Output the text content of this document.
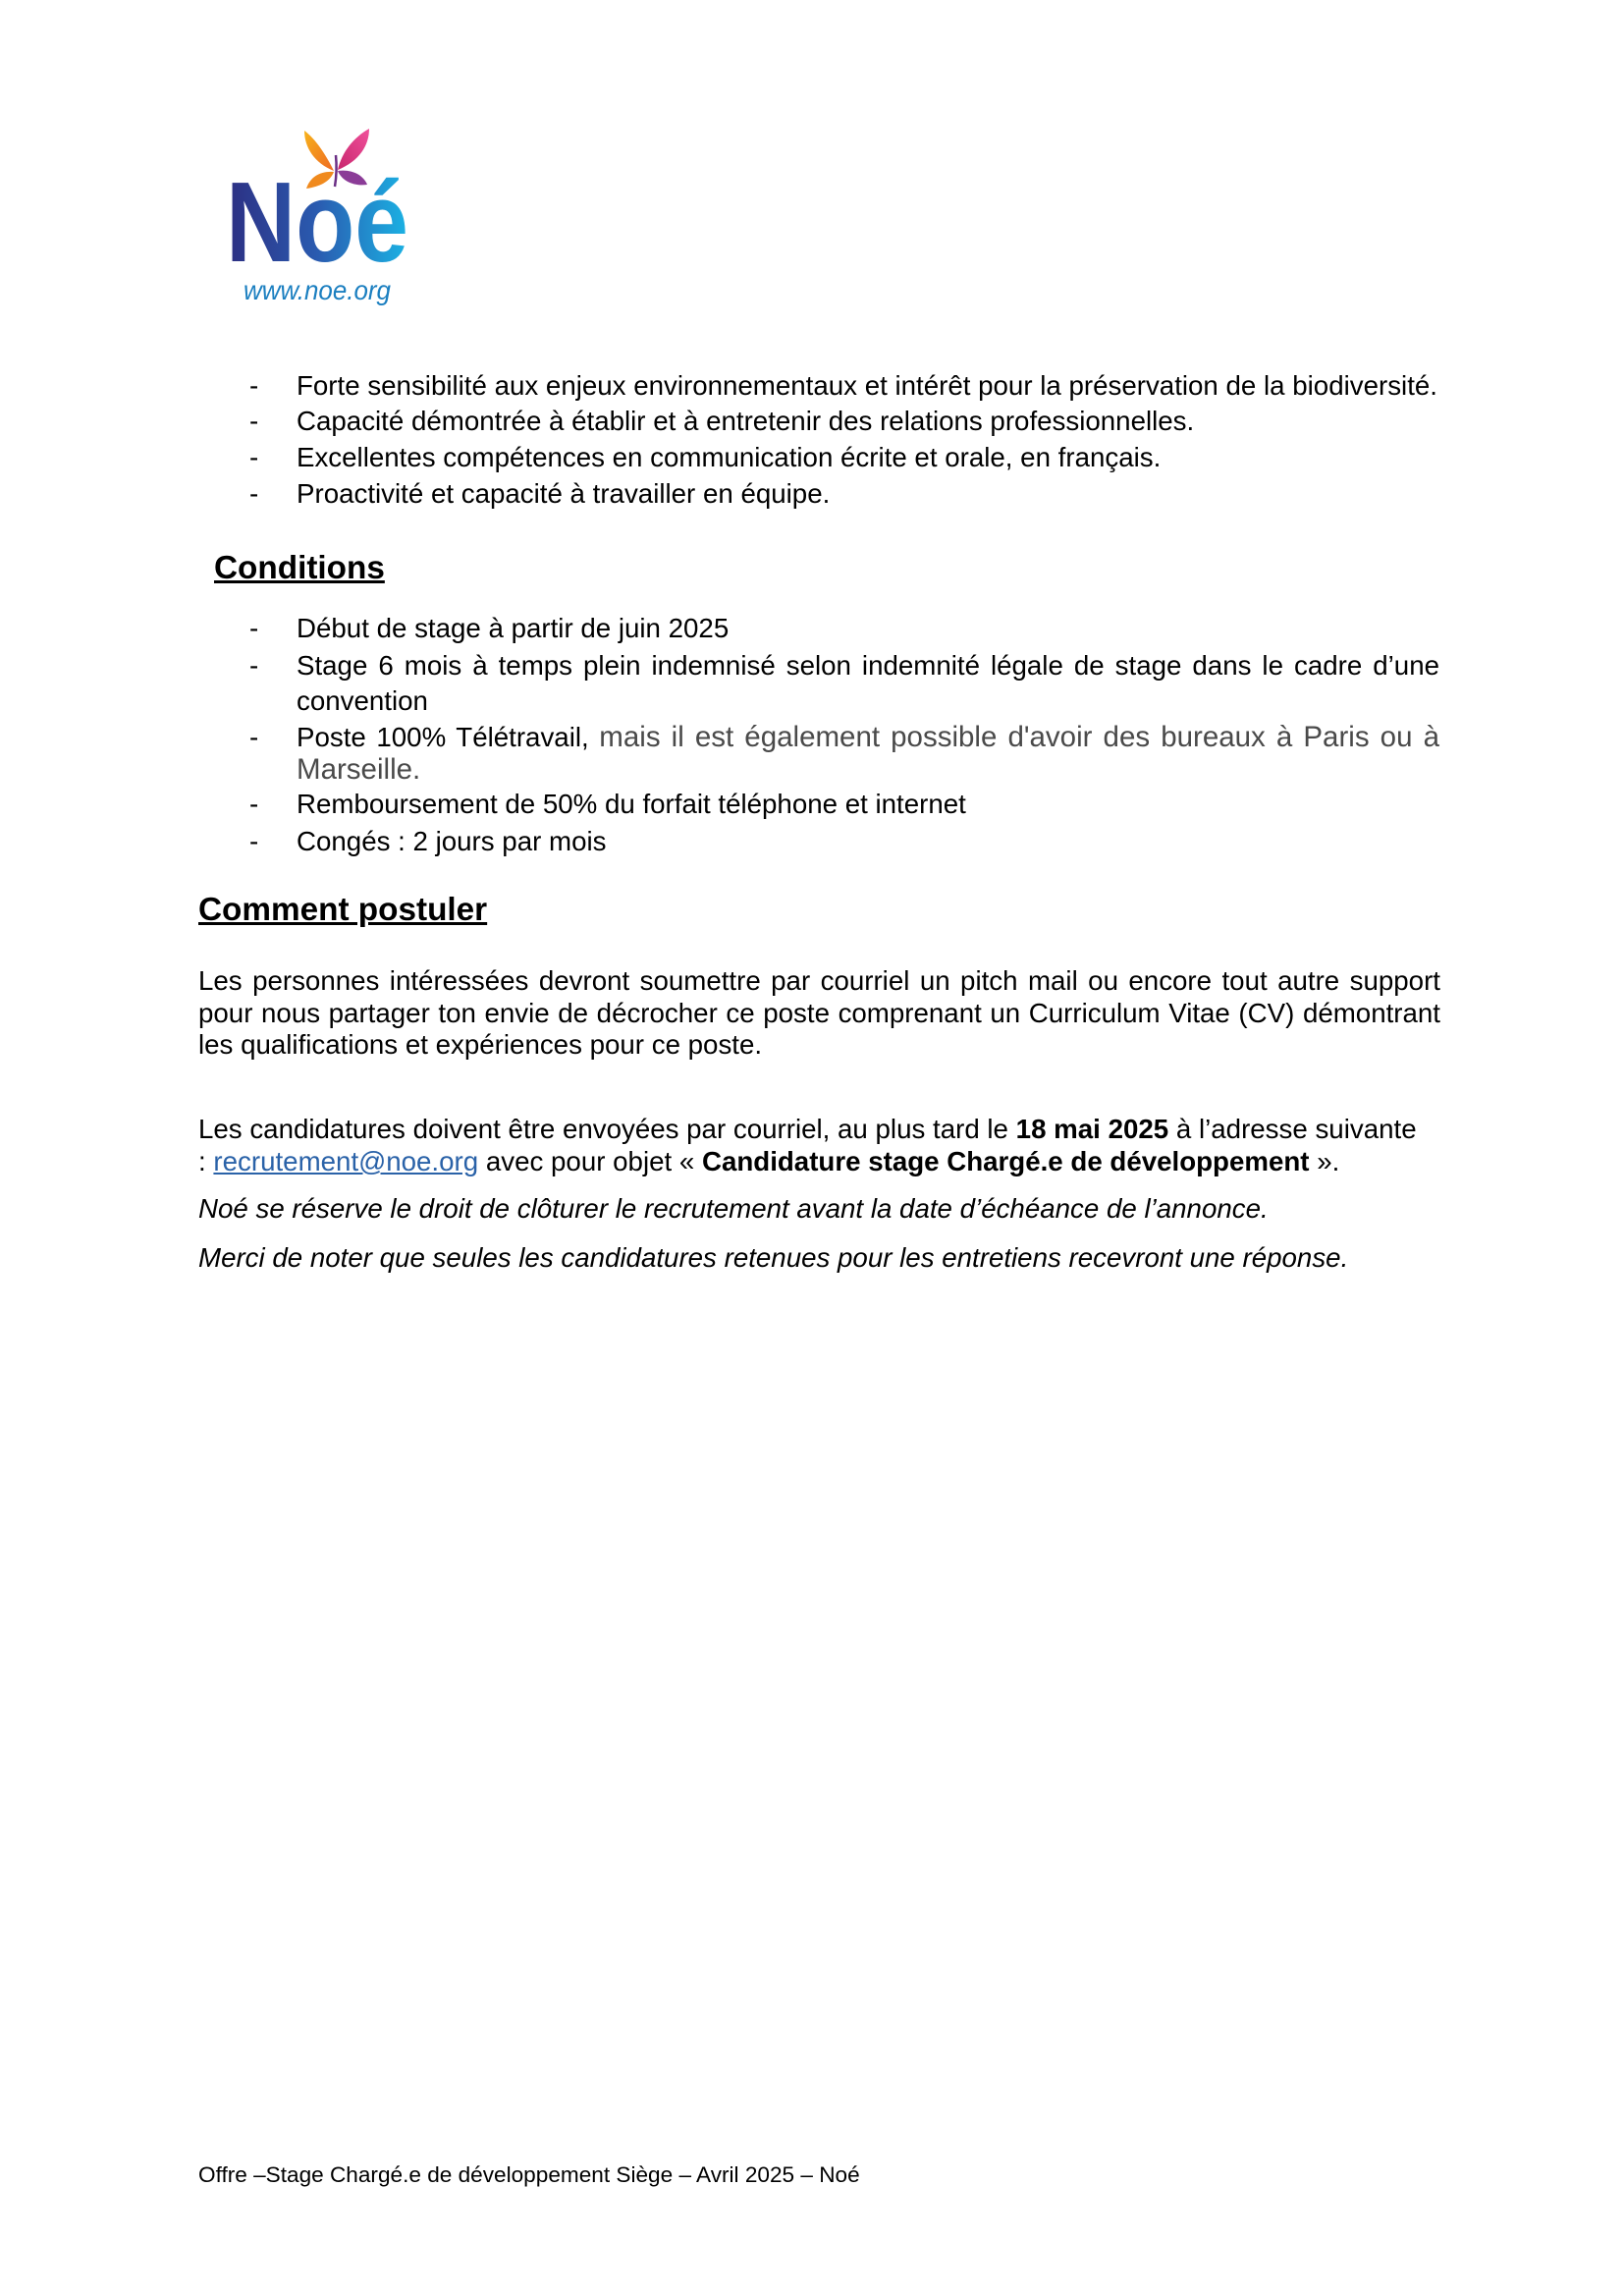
Noé
www.noe.org
- Forte sensibilité aux enjeux environnementaux et intérêt pour la préservation de la biodiversité.
- Capacité démontrée à établir et à entretenir des relations professionnelles.
- Excellentes compétences en communication écrite et orale, en français.
- Proactivité et capacité à travailler en équipe.
Conditions
- Début de stage à partir de juin 2025
- Stage 6 mois à temps plein indemnisé selon indemnité légale de stage dans le cadre d’une
convention
- Poste 100% Télétravail, mais il est également possible d'avoir des bureaux à Paris ou à
Marseille.
- Remboursement de 50% du forfait téléphone et internet
- Congés : 2 jours par mois
Comment postuler
Les personnes intéressées devront soumettre par courriel un pitch mail ou encore tout autre support
pour nous partager ton envie de décrocher ce poste comprenant un Curriculum Vitae (CV) démontrant
les qualifications et expériences pour ce poste.
Les candidatures doivent être envoyées par courriel, au plus tard le 18 mai 2025 à l’adresse suivante
: recrutement@noe.org avec pour objet « Candidature stage Chargé.e de développement ».
Noé se réserve le droit de clôturer le recrutement avant la date d’échéance de l’annonce.
Merci de noter que seules les candidatures retenues pour les entretiens recevront une réponse.
Offre –Stage Chargé.e de développement Siège – Avril 2025 – Noé
